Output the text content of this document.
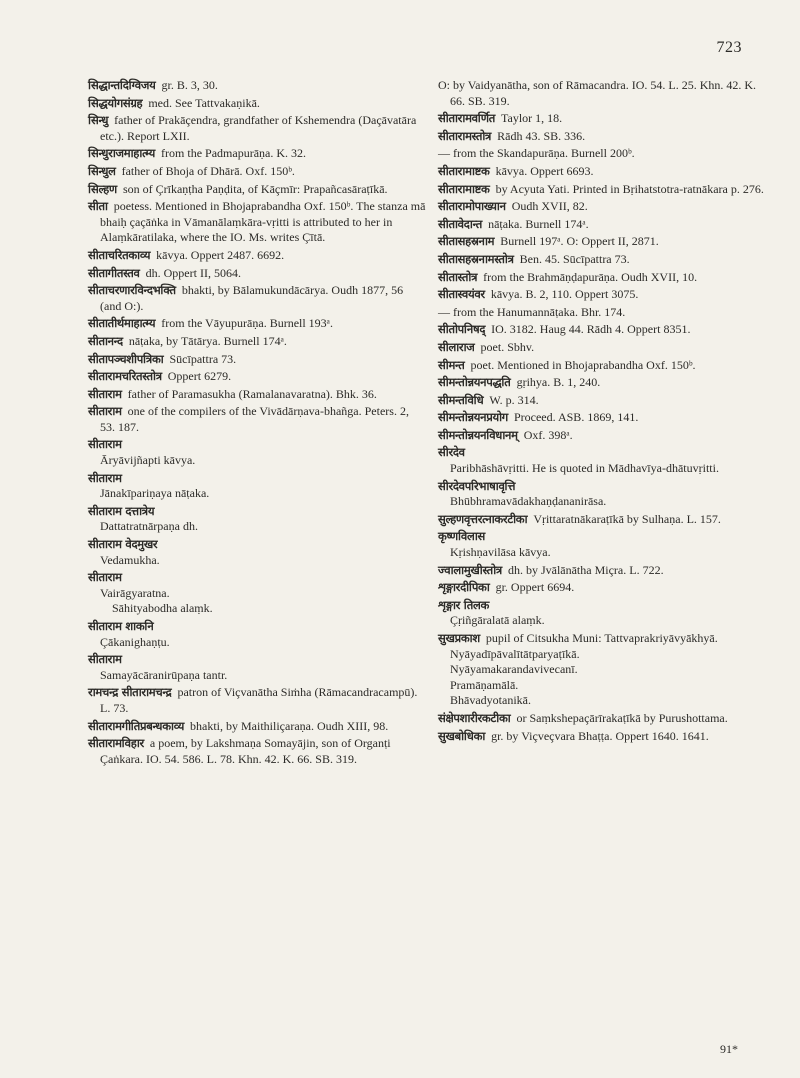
723
सिद्धान्तदिग्विजय gr. B. 3, 30.
सिद्धयोगसंग्रह med. See Tattvakaṇikā.
सिन्धु father of Prakāçendra, grandfather of Kshemendra (Daçāvatāra etc.). Report LXII.
सिन्धुराजमाहात्म्य from the Padmapurāṇa. K. 32.
सिन्धुल father of Bhoja of Dhārā. Oxf. 150ᵇ.
सिल्हण son of Çrīkaṇṭha Paṇḍita, of Kāçmīr: Prapañcasāraṭīkā.
सीता poetess. Mentioned in Bhojaprabandha Oxf. 150ᵇ. The stanza mā bhaiḥ çaçāṅka in Vāmanālaṃkāra-vṛitti is attributed to her in Alaṃkāratilaka, where the IO. Ms. writes Çītā.
सीताचरितकाव्य kāvya. Oppert 2487. 6692.
सीतागीतस्तव dh. Oppert II, 5064.
सीताचरणारविन्दभक्ति bhakti, by Bālamukundācārya. Oudh 1877, 56 (and O:).
सीतातीर्थमाहात्म्य from the Vāyupurāṇa. Burnell 193ᵃ.
सीतानन्द nāṭaka, by Tātārya. Burnell 174ᵃ.
सीतापञ्चशीपत्रिका Sūcīpattra 73.
सीतारामचरितस्तोत्र Oppert 6279.
सीताराम father of Paramasukha (Ramalanavaratna). Bhk. 36.
सीताराम one of the compilers of the Vivādārṇava-bhañga. Peters. 2, 53. 187.
सीताराम
Āryāvijñapti kāvya.
सीताराम
Jānakīpariṇaya nāṭaka.
सीताराम दत्तात्रेय
Dattatratnārpaṇa dh.
सीताराम वेदमुखर
Vedamukha.
सीताराम
Vairāgyaratna.
Sāhityabodha alaṃk.
सीताराम शाकनि
Çākanighaṇṭu.
सीताराम
Samayācāranirūpaṇa tantr.
रामचन्द्र सीतारामचन्द्र patron of Viçvanātha Siṁha (Rāmacandracampū). L. 73.
सीतारामगीतिप्रबन्धकाव्य bhakti, by Maithiliçaraṇa. Oudh XIII, 98.
सीतारामविहार a poem, by Lakshmaṇa Somayājin, son of Organṭi Çaṅkara. IO. 54. 586. L. 78. Khn. 42. K. 66. SB. 319.
O: by Vaidyanātha, son of Rāmacandra. IO. 54. L. 25. Khn. 42. K. 66. SB. 319.
सीतारामवर्णित Taylor 1, 18.
सीतारामस्तोत्र Rādh 43. SB. 336.
— from the Skandapurāṇa. Burnell 200ᵇ.
सीतारामाष्टक kāvya. Oppert 6693.
सीतारामाष्टक by Acyuta Yati. Printed in Bṛihatstotra-ratnākara p. 276.
सीतारामोपाख्यान Oudh XVII, 82.
सीतावेदान्त nāṭaka. Burnell 174ᵃ.
सीतासहस्रनाम Burnell 197ᵃ. O: Oppert II, 2871.
सीतासहस्रनामस्तोत्र Ben. 45. Sūcīpattra 73.
सीतास्तोत्र from the Brahmāṇḍapurāṇa. Oudh XVII, 10.
सीतास्वयंवर kāvya. B. 2, 110. Oppert 3075.
— from the Hanumannāṭaka. Bhr. 174.
सीतोपनिषद् IO. 3182. Haug 44. Rādh 4. Oppert 8351.
सीलाराज poet. Sbhv.
सीमन्त poet. Mentioned in Bhojaprabandha Oxf. 150ᵇ.
सीमन्तोन्नयनपद्धति gṛihya. B. 1, 240.
सीमन्तविधि W. p. 314.
सीमन्तोन्नयनप्रयोग Proceed. ASB. 1869, 141.
सीमन्तोन्नयनविधानम् Oxf. 398ᵃ.
सीरदेव
Paribhāshāvṛitti. He is quoted in Mādhavīya-dhātuvṛitti.
सीरदेवपरिभाषावृत्ति
Bhūbhramavādakhaṇḍananirāsa.
सुल्हणवृत्तरत्नाकरटीका Vṛittaratnākaraṭīkā by Sulhaṇa. L. 157.
कृष्णविलास
Kṛishṇavilāsa kāvya.
ज्वालामुखीस्तोत्र dh. by Jvālānātha Miçra. L. 722.
शृङ्गारदीपिका gr. Oppert 6694.
शृङ्गार तिलक
Çṛiñgāralatā alaṃk.
सुखप्रकाश pupil of Citsukha Muni: Tattvaprakriyāvyākhyā.
Nyāyadīpāvalītātparyaṭīkā.
Nyāyamakarandavivecanī.
Pramāṇamālā.
Bhāvadyotanikā.
संक्षेपशारीरकटीका or Saṃkshepaçārīrakaṭīkā by Purushottama.
सुखबोधिका gr. by Viçveçvara Bhaṭṭa. Oppert 1640. 1641.
91*
